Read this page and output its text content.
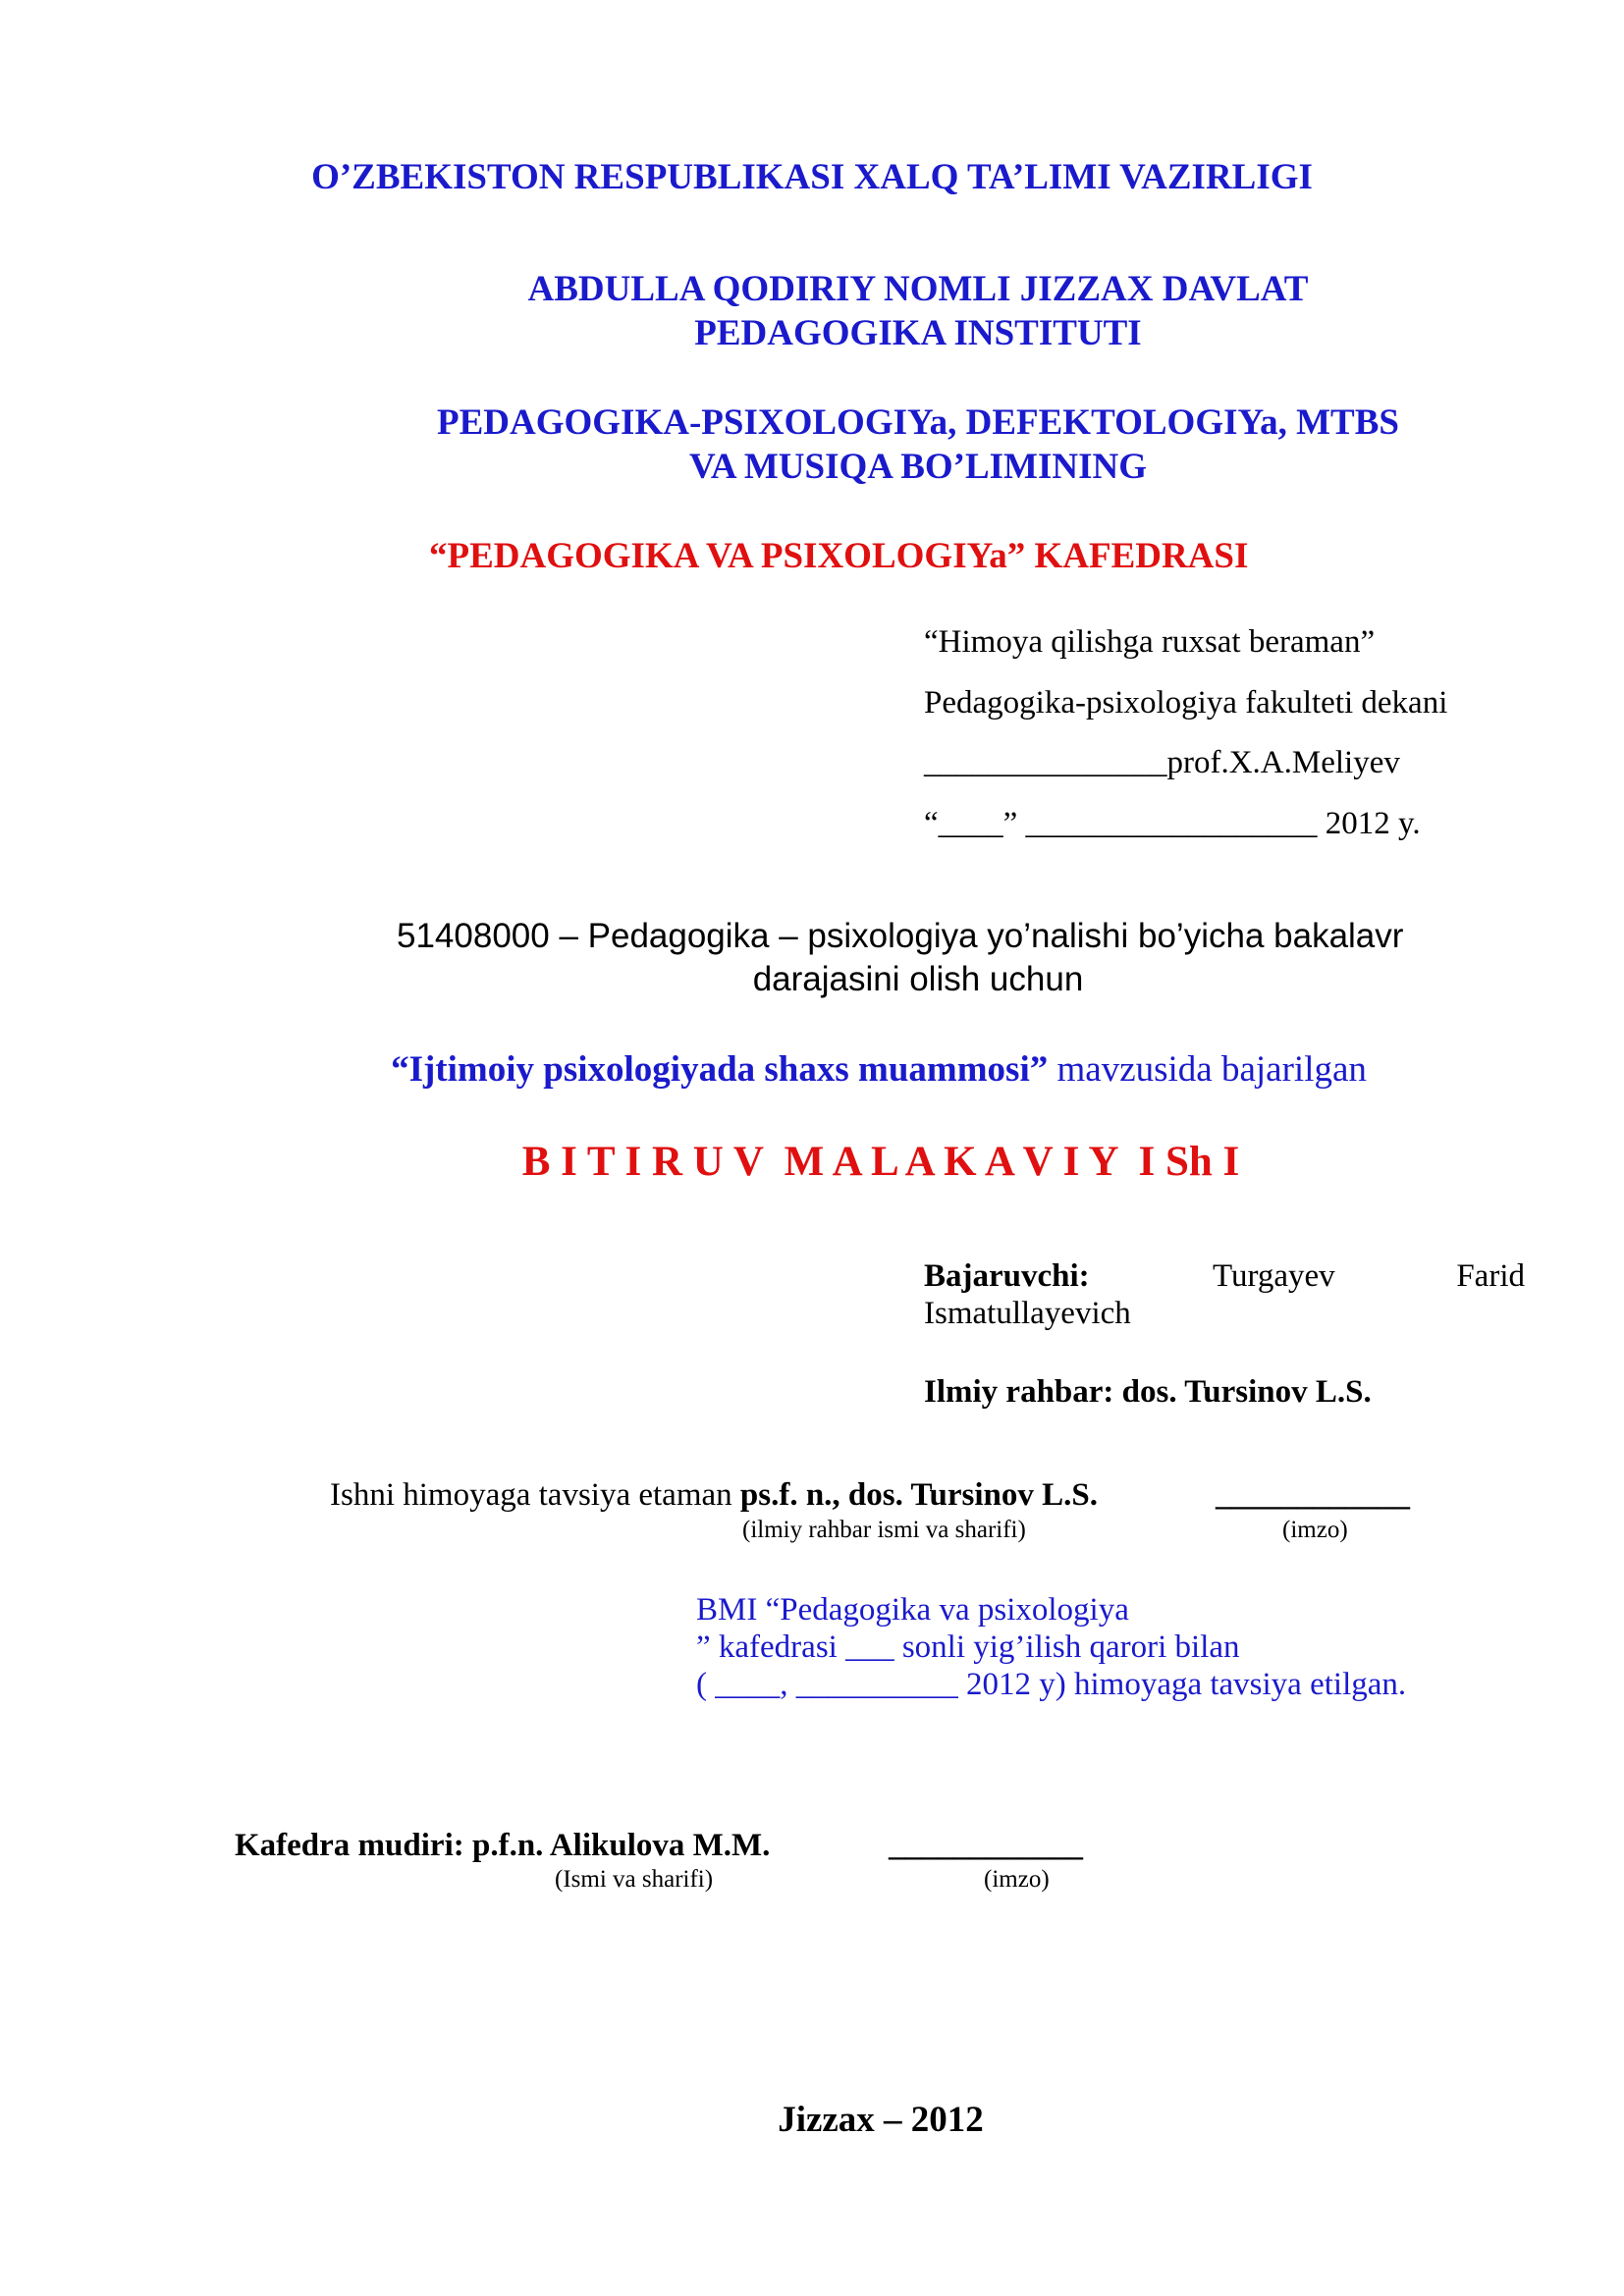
O’ZBEKISTON RESPUBLIKASI XALQ TA’LIMI VAZIRLIGI
ABDULLA QODIRIY NOMLI JIZZAX DAVLAT
PEDAGOGIKA INSTITUTI
PEDAGOGIKA-PSIXOLOGIYa, DEFEKTOLOGIYa, MTBS
VA MUSIQA BO’LIMINING
“PEDAGOGIKA VA PSIXOLOGIYa” KAFEDRASI
“Himoya qilishga ruxsat beraman”
Pedagogika-psixologiya fakulteti dekani
_______________prof.X.A.Meliyev
“____” __________________ 2012 y.
51408000 – Pedagogika – psixologiya yo’nalishi bo’yicha bakalavr
darajasini olish uchun
“Ijtimoiy psixologiyada shaxs muammosi” mavzusida bajarilgan
B I T I R U V  M A L A K A V I Y  I Sh I
Bajaruvchi:	Turgayev	Farid
Ismatullayevich
Ilmiy rahbar: dos. Tursinov L.S.
Ishni himoyaga tavsiya etaman ps.f. n., dos. Tursinov L.S.	____________
(ilmiy rahbar ismi va sharifi)	(imzo)
BMI “Pedagogika va psixologiya
” kafedrasi ___ sonli yig’ilish qarori bilan
( ____, __________ 2012 y) himoyaga tavsiya etilgan.
Kafedra mudiri: p.f.n. Alikulova M.M.	____________
(Ismi va sharifi)	(imzo)
Jizzax – 2012
